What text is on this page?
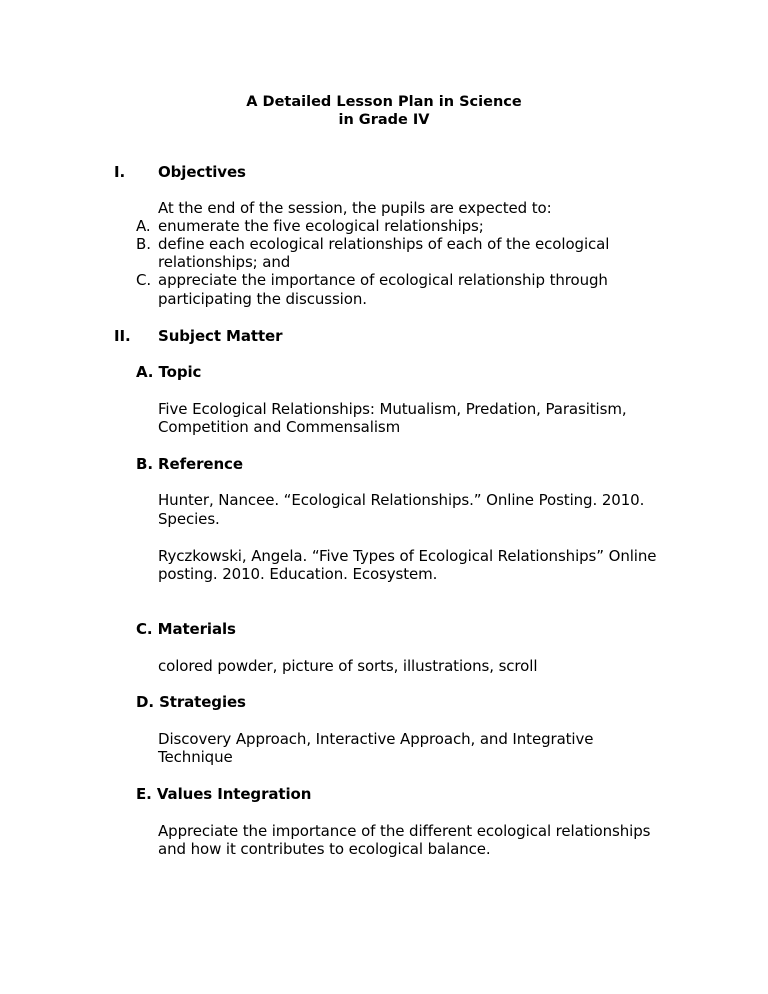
A Detailed Lesson Plan in Science
in Grade IV
I. Objectives
At the end of the session, the pupils are expected to:
A. enumerate the five ecological relationships;
B. define each ecological relationships of each of the ecological
relationships; and
C. appreciate the importance of ecological relationship through
participating the discussion.
II. Subject Matter
A. Topic
Five Ecological Relationships: Mutualism, Predation, Parasitism,
Competition and Commensalism
B. Reference
Hunter, Nancee. “Ecological Relationships.” Online Posting. 2010.
Species.
Ryczkowski, Angela. “Five Types of Ecological Relationships” Online
posting. 2010. Education. Ecosystem.
C. Materials
colored powder, picture of sorts, illustrations, scroll
D. Strategies
Discovery Approach, Interactive Approach, and Integrative
Technique
E. Values Integration
Appreciate the importance of the different ecological relationships
and how it contributes to ecological balance.
